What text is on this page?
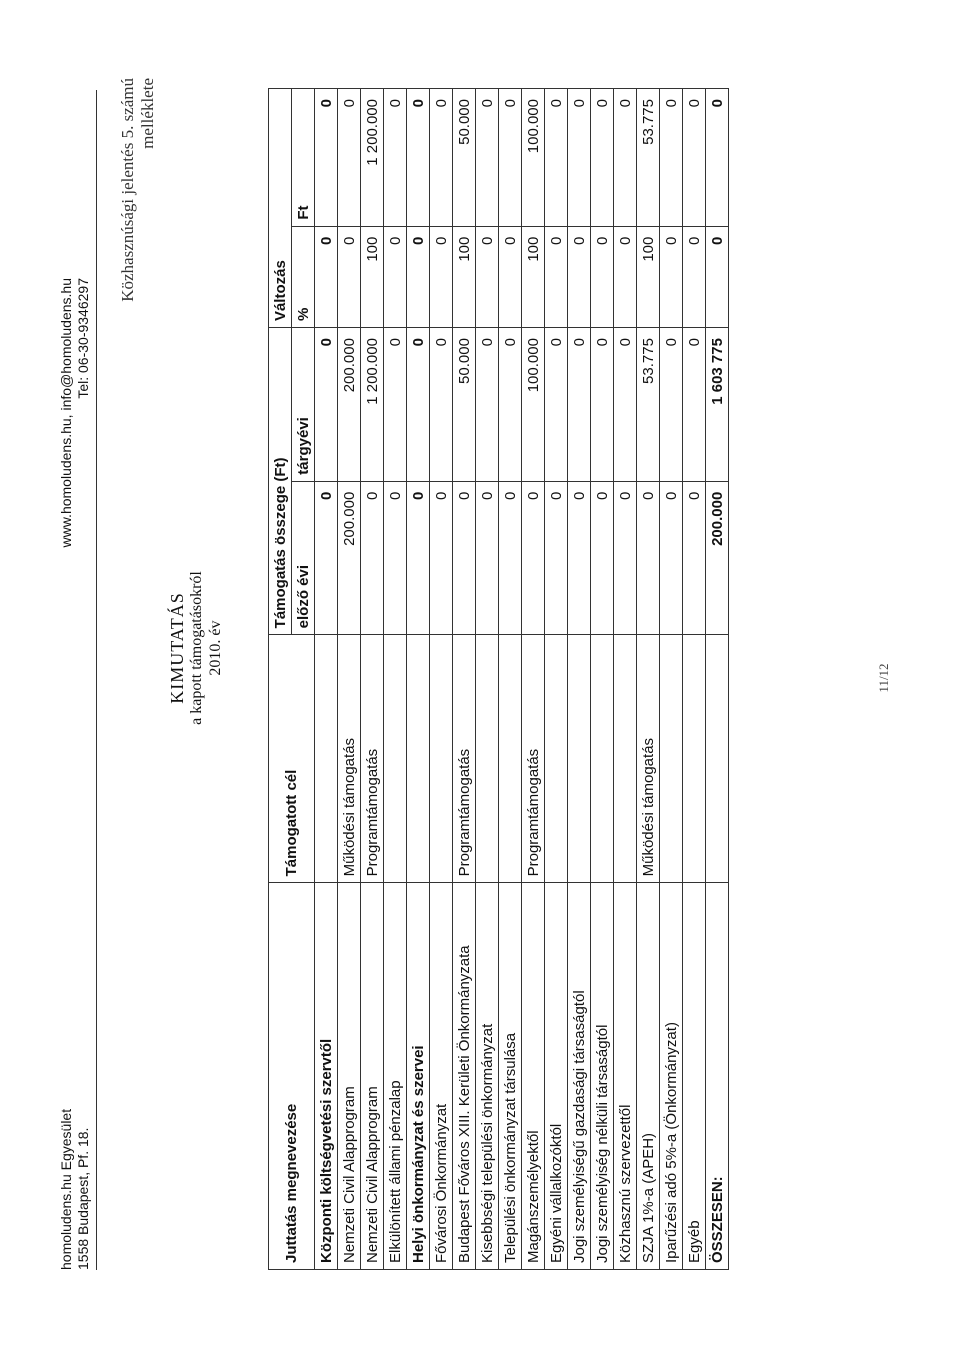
homoludens.hu Egyesület 1558 Budapest, Pf. 18.
www.homoludens.hu, info@homoludens.hu Tel: 06-30-9346297
Közhasznúsági jelentés 5. számú melléklete
KIMUTATÁS a kapott támogatásokról 2010. év
Juttatás megnevezése	Támogatott cél	Támogatás összege (Ft)		Változás	
		előző évi	tárgyévi	%	Ft
Központi költségvetési szervtől		0	0	0	0
Nemzeti Civil Alapprogram	Működési támogatás	200.000	200.000	0	0
Nemzeti Civil Alapprogram	Programtámogatás	0	1 200.000	100	1 200.000
Elkülönített állami pénzalap		0	0	0	0
Helyi önkormányzat és szervei		0	0	0	0
Fővárosi Önkormányzat		0	0	0	0
Budapest Főváros XIII. Kerületi Önkormányzata	Programtámogatás	0	50.000	100	50.000
Kisebbségi települési önkormányzat		0	0	0	0
Települési önkormányzat társulása		0	0	0	0
Magánszemélyektől	Programtámogatás	0	100.000	100	100.000
Egyéni vállalkozóktól		0	0	0	0
Jogi személyiségű gazdasági társaságtól		0	0	0	0
Jogi személyiség nélküli társaságtól		0	0	0	0
Közhasznú szervezettől		0	0	0	0
SZJA 1%-a (APEH)	Működési támogatás	0	53.775	100	53.775
Iparűzési adó 5%-a (Önkormányzat)		0	0	0	0
Egyéb		0	0	0	0
ÖSSZESEN:		200.000	1 603 775	0	0
11/12
